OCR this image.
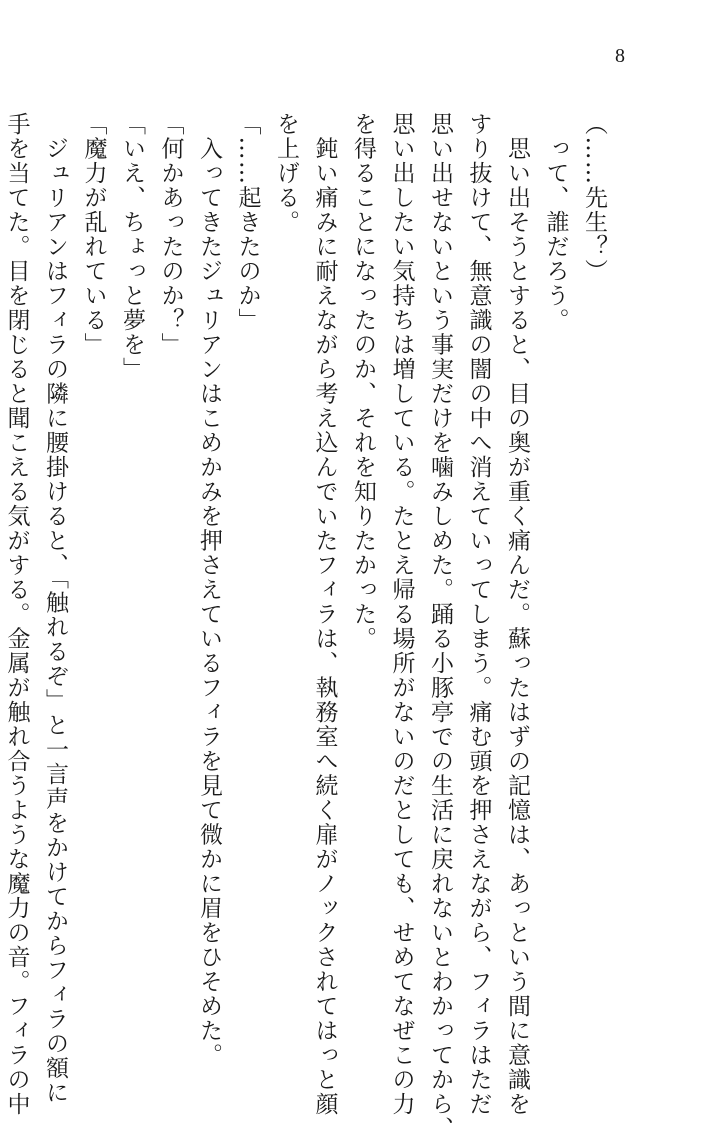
8
（……先生？）
　って、誰だろう。
　思い出そうとすると、目の奥が重く痛んだ。蘇ったはずの記憶は、あっという間に意識を
すり抜けて、無意識の闇の中へ消えていってしまう。痛む頭を押さえながら、フィラはただ
思い出せないという事実だけを噛みしめた。踊る小豚亭での生活に戻れないとわかってから、
思い出したい気持ちは増している。たとえ帰る場所がないのだとしても、せめてなぜこの力
を得ることになったのか、それを知りたかった。
　鈍い痛みに耐えながら考え込んでいたフィラは、執務室へ続く扉がノックされてはっと顔
を上げる。
「……起きたのか」
　入ってきたジュリアンはこめかみを押さえているフィラを見て微かに眉をひそめた。
「何かあったのか？」
「いえ、ちょっと夢を」
「魔力が乱れている」
　ジュリアンはフィラの隣に腰掛けると、「触れるぞ」と一言声をかけてからフィラの額に
手を当てた。目を閉じると聞こえる気がする。金属が触れ合うような魔力の音。フィラの中
